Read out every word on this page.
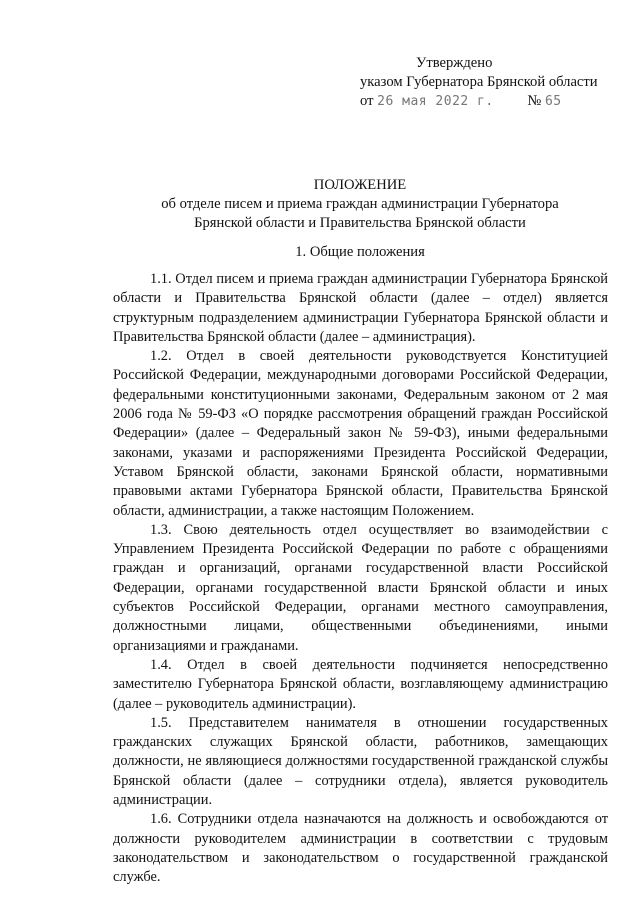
Утверждено
указом Губернатора Брянской области
от 26 мая 2022 г. № 65
ПОЛОЖЕНИЕ
об отделе писем и приема граждан администрации Губернатора
Брянской области и Правительства Брянской области
1. Общие положения

1.1. Отдел писем и приема граждан администрации Губернатора Брянской области и Правительства Брянской области (далее – отдел) является структурным подразделением администрации Губернатора Брянской области и Правительства Брянской области (далее – администрация).

1.2. Отдел в своей деятельности руководствуется Конституцией Российской Федерации, международными договорами Российской Федерации, федеральными конституционными законами, Федеральным законом от 2 мая 2006 года № 59-ФЗ «О порядке рассмотрения обращений граждан Российской Федерации» (далее – Федеральный закон № 59-ФЗ), иными федеральными законами, указами и распоряжениями Президента Российской Федерации, Уставом Брянской области, законами Брянской области, нормативными правовыми актами Губернатора Брянской области, Правительства Брянской области, администрации, а также настоящим Положением.

1.3. Свою деятельность отдел осуществляет во взаимодействии с Управлением Президента Российской Федерации по работе с обращениями граждан и организаций, органами государственной власти Российской Федерации, органами государственной власти Брянской области и иных субъектов Российской Федерации, органами местного самоуправления, должностными лицами, общественными объединениями, иными организациями и гражданами.

1.4. Отдел в своей деятельности подчиняется непосредственно заместителю Губернатора Брянской области, возглавляющему администрацию (далее – руководитель администрации).

1.5. Представителем нанимателя в отношении государственных гражданских служащих Брянской области, работников, замещающих должности, не являющиеся должностями государственной гражданской службы Брянской области (далее – сотрудники отдела), является руководитель администрации.

1.6. Сотрудники отдела назначаются на должность и освобождаются от должности руководителем администрации в соответствии с трудовым законодательством и законодательством о государственной гражданской службе.
